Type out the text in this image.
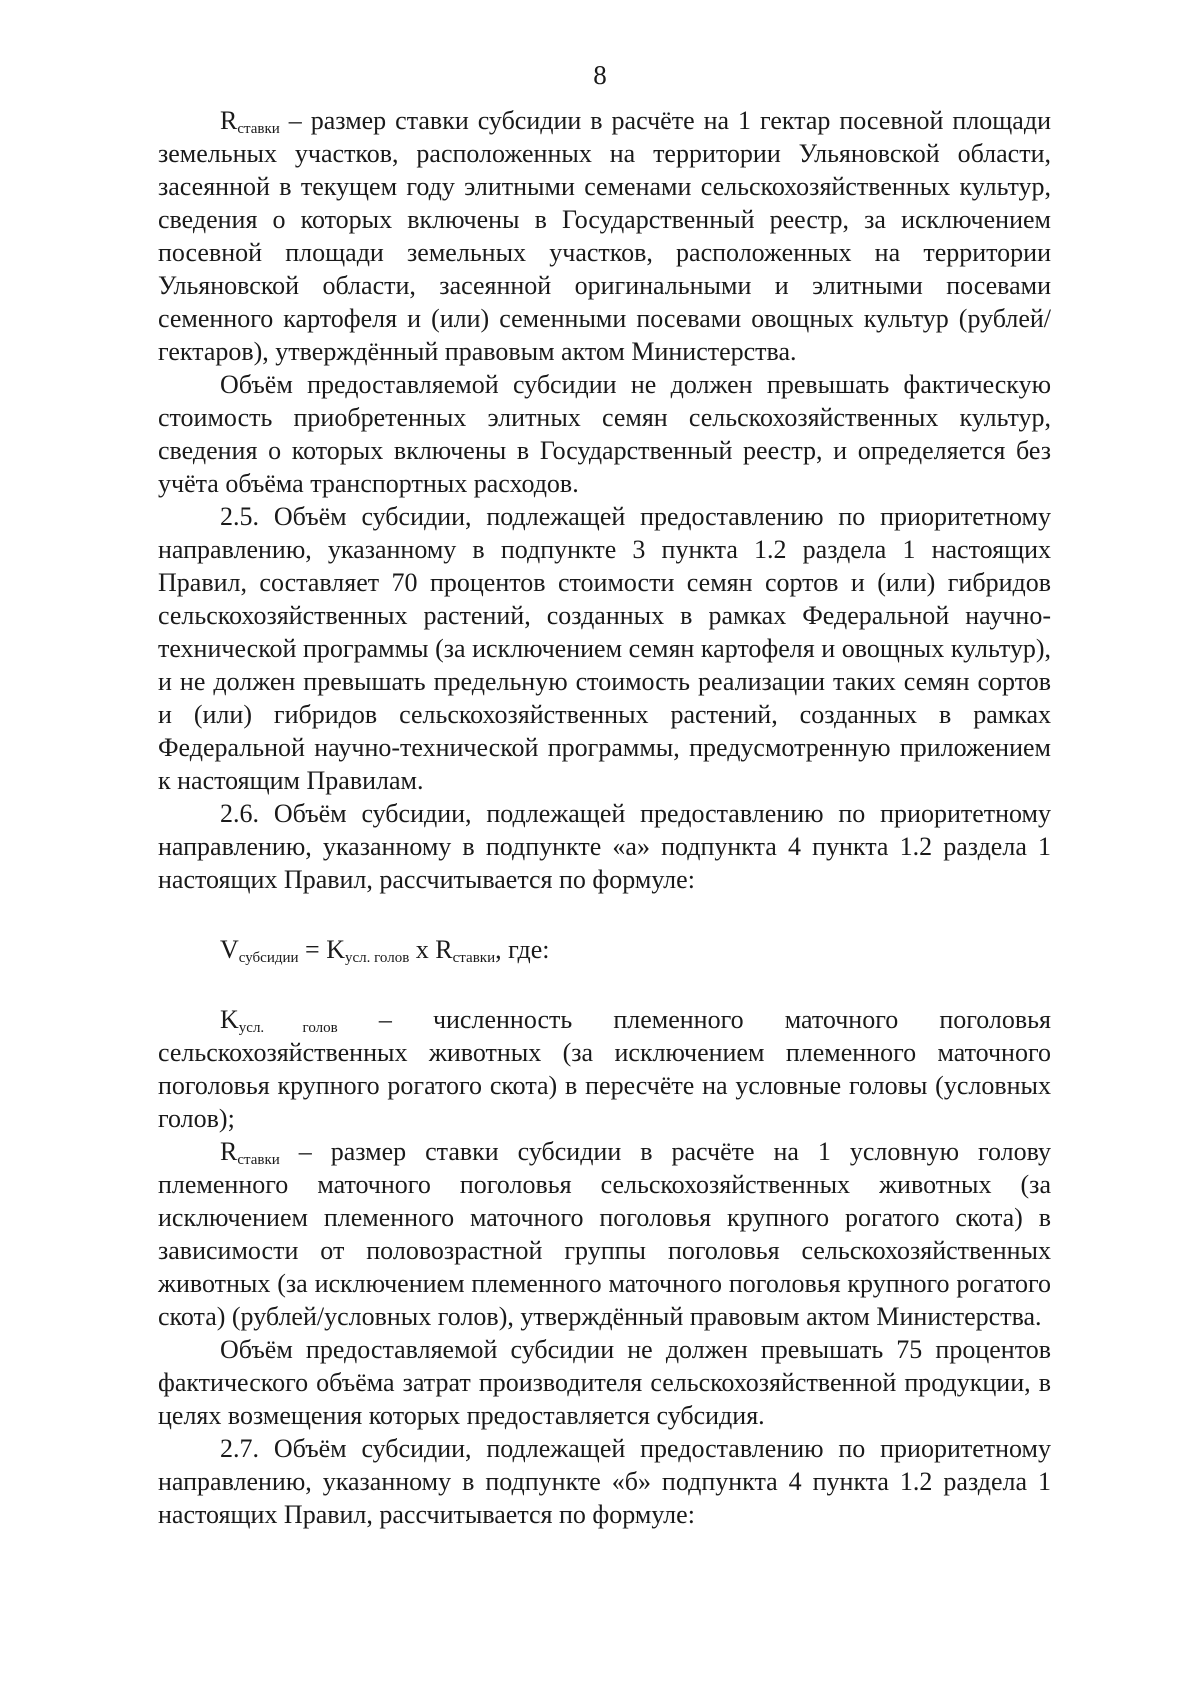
8

$R_{ставки}$ – размер ставки субсидии в расчёте на 1 гектар посевной площади земельных участков, расположенных на территории Ульяновской области, засеянной в текущем году элитными семенами сельскохозяйственных культур, сведения о которых включены в Государственный реестр, за исключением посевной площади земельных участков, расположенных на территории Ульяновской области, засеянной оригинальными и элитными посевами семенного картофеля и (или) семенными посевами овощных культур (рублей/гектаров), утверждённый правовым актом Министерства.

Объём предоставляемой субсидии не должен превышать фактическую стоимость приобретенных элитных семян сельскохозяйственных культур, сведения о которых включены в Государственный реестр, и определяется без учёта объёма транспортных расходов.

2.5. Объём субсидии, подлежащей предоставлению по приоритетному направлению, указанному в подпункте 3 пункта 1.2 раздела 1 настоящих Правил, составляет 70 процентов стоимости семян сортов и (или) гибридов сельскохозяйственных растений, созданных в рамках Федеральной научно-технической программы (за исключением семян картофеля и овощных культур), и не должен превышать предельную стоимость реализации таких семян сортов и (или) гибридов сельскохозяйственных растений, созданных в рамках Федеральной научно-технической программы, предусмотренную приложением к настоящим Правилам.

2.6. Объём субсидии, подлежащей предоставлению по приоритетному направлению, указанному в подпункте «а» подпункта 4 пункта 1.2 раздела 1 настоящих Правил, рассчитывается по формуле:

$V_{субсидии} = K_{усл. голов}$ x $R_{ставки}$, где:

$K_{усл. голов}$ – численность племенного маточного поголовья сельскохозяйственных животных (за исключением племенного маточного поголовья крупного рогатого скота) в пересчёте на условные головы (условных голов);

$R_{ставки}$ – размер ставки субсидии в расчёте на 1 условную голову племенного маточного поголовья сельскохозяйственных животных (за исключением племенного маточного поголовья крупного рогатого скота) в зависимости от половозрастной группы поголовья сельскохозяйственных животных (за исключением племенного маточного поголовья крупного рогатого скота) (рублей/условных голов), утверждённый правовым актом Министерства.

Объём предоставляемой субсидии не должен превышать 75 процентов фактического объёма затрат производителя сельскохозяйственной продукции, в целях возмещения которых предоставляется субсидия.

2.7. Объём субсидии, подлежащей предоставлению по приоритетному направлению, указанному в подпункте «б» подпункта 4 пункта 1.2 раздела 1 настоящих Правил, рассчитывается по формуле:
